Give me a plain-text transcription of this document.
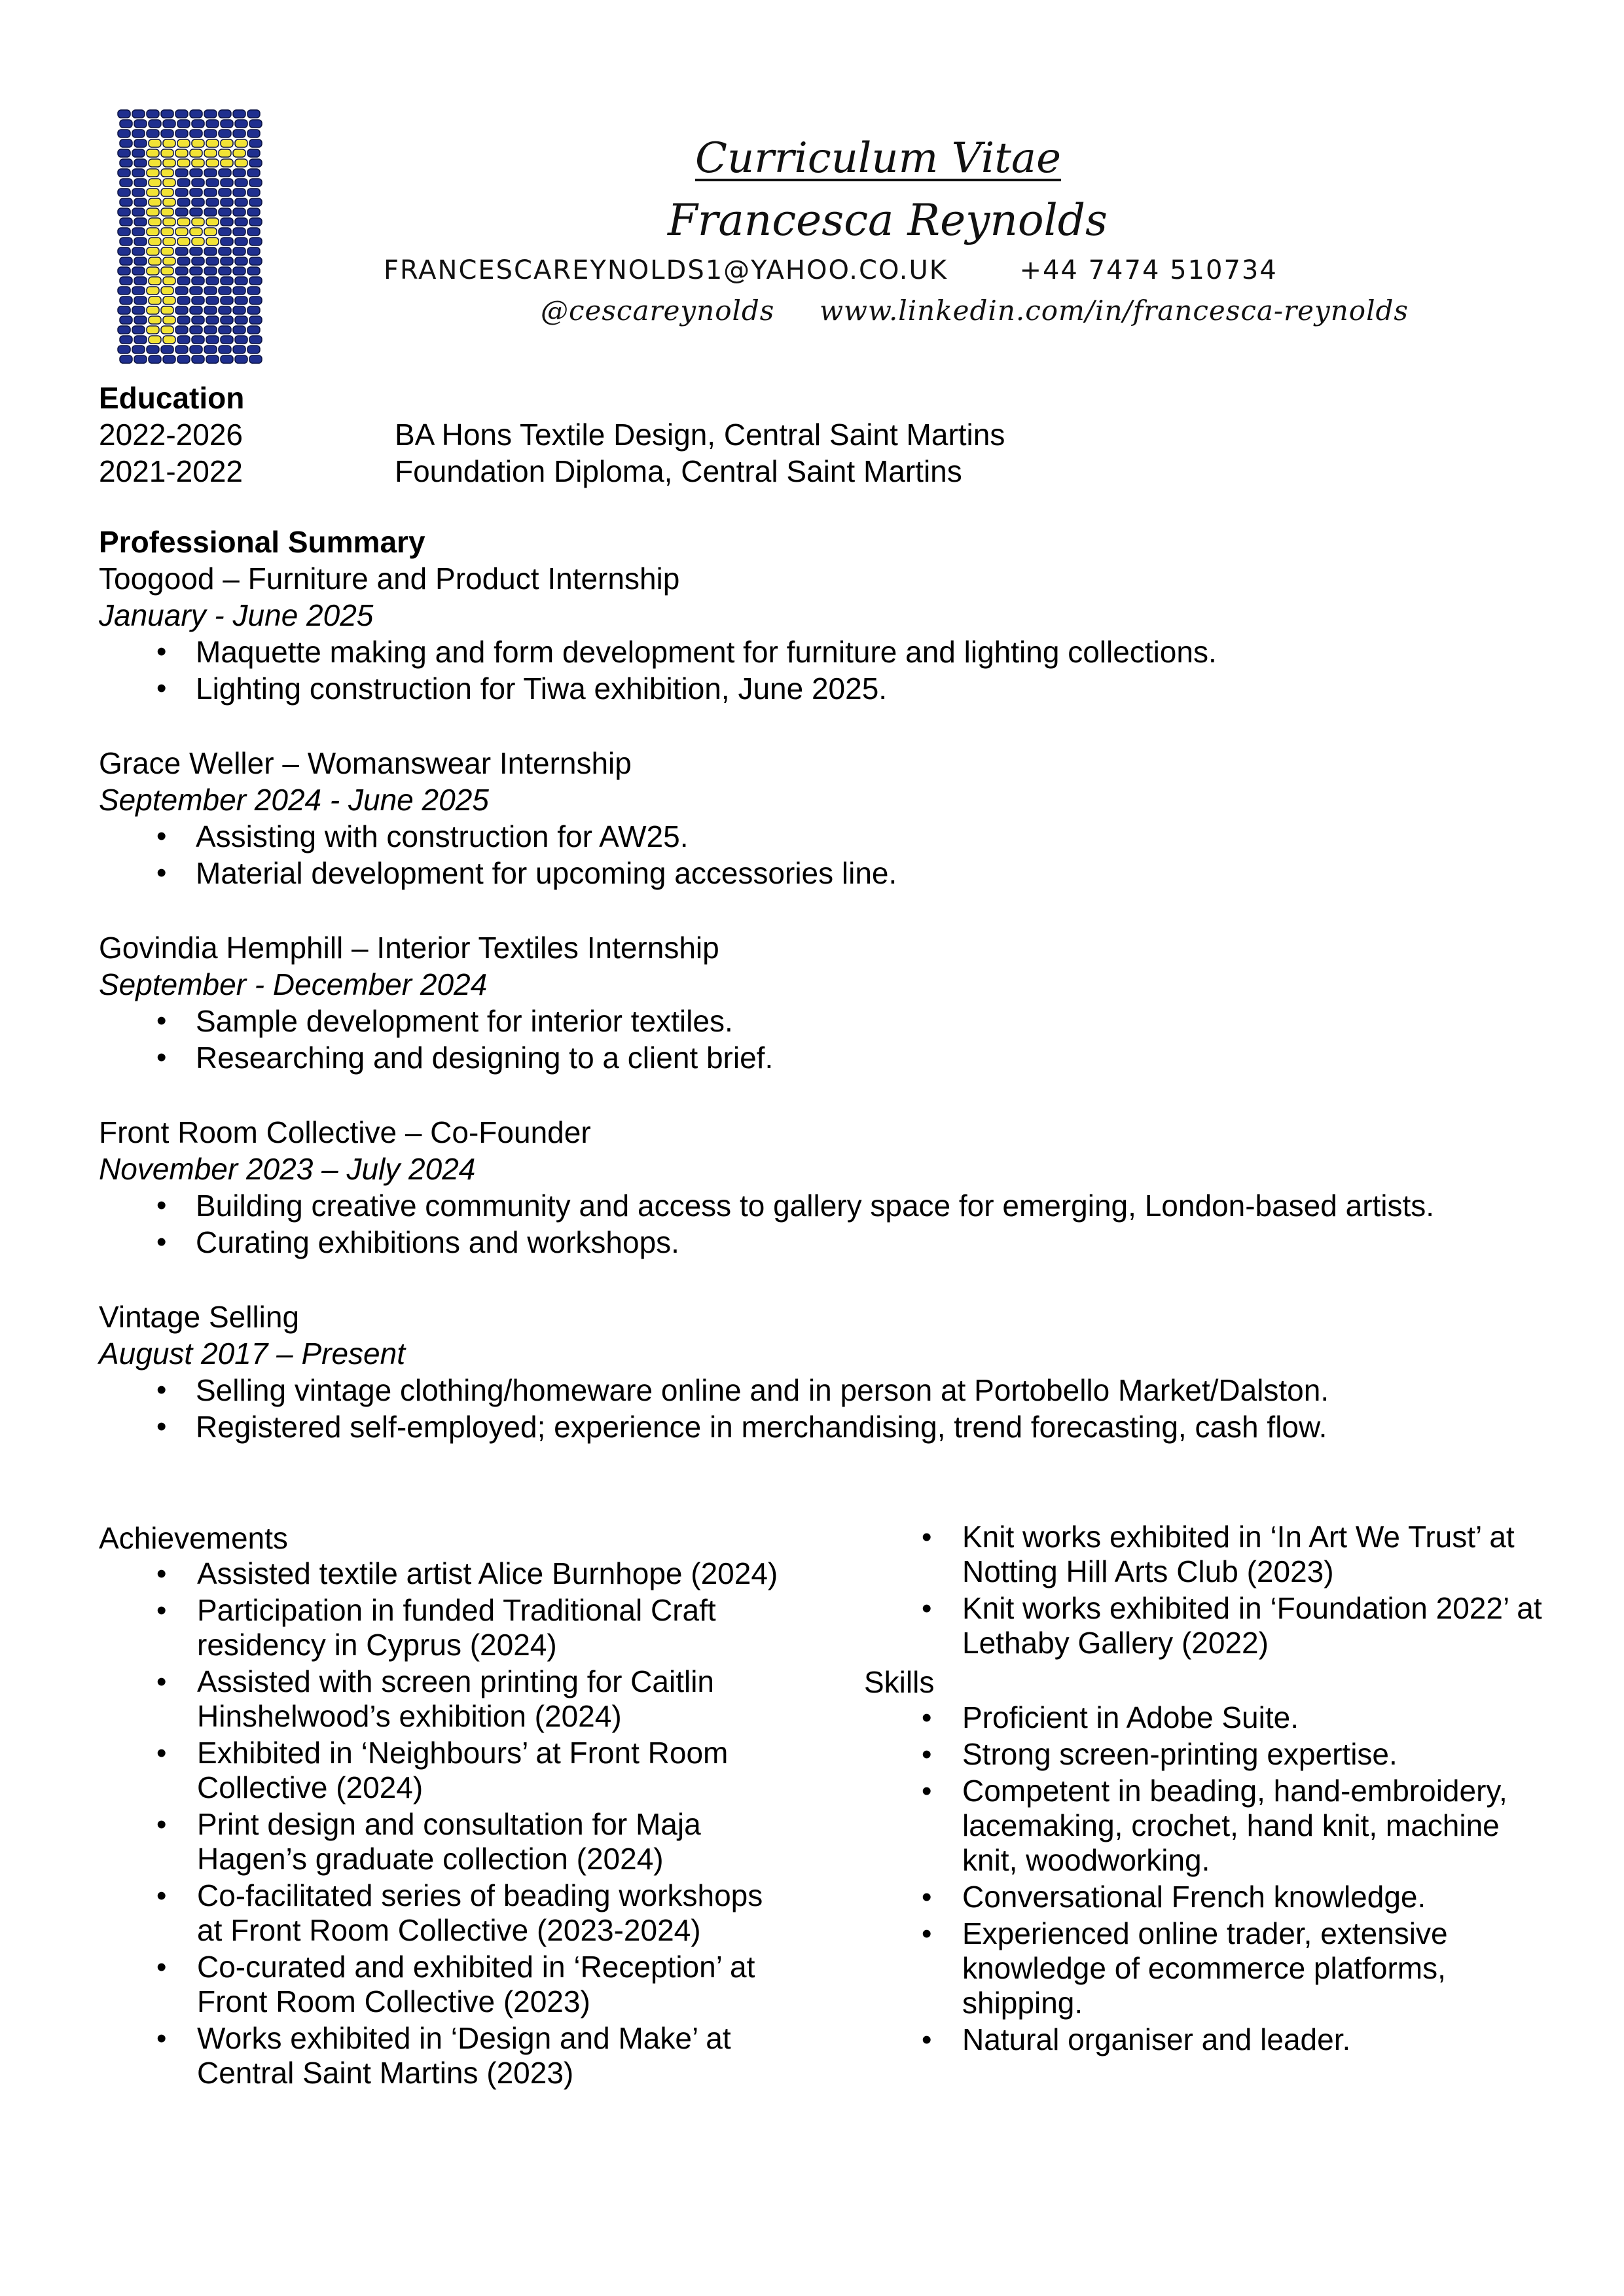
Curriculum Vitae
Francesca Reynolds
FRANCESCAREYNOLDS1@YAHOO.CO.UK	+44 7474 510734
@cescareynolds www.linkedin.com/in/francesca-reynolds
Education
2022-2026	BA Hons Textile Design, Central Saint Martins
2021-2022	Foundation Diploma, Central Saint Martins
Professional Summary
Toogood – Furniture and Product Internship
January - June 2025
• Maquette making and form development for furniture and lighting collections.
• Lighting construction for Tiwa exhibition, June 2025.
Grace Weller – Womanswear Internship
September 2024 - June 2025
• Assisting with construction for AW25.
• Material development for upcoming accessories line.
Govindia Hemphill – Interior Textiles Internship
September - December 2024
• Sample development for interior textiles.
• Researching and designing to a client brief.
Front Room Collective – Co-Founder
November 2023 – July 2024
• Building creative community and access to gallery space for emerging, London-based artists.
• Curating exhibitions and workshops.
Vintage Selling
August 2017 – Present
• Selling vintage clothing/homeware online and in person at Portobello Market/Dalston.
• Registered self-employed; experience in merchandising, trend forecasting, cash flow.
Achievements
• Assisted textile artist Alice Burnhope (2024)
• Participation in funded Traditional Craft residency in Cyprus (2024)
• Assisted with screen printing for Caitlin Hinshelwood’s exhibition (2024)
• Exhibited in ‘Neighbours’ at Front Room Collective (2024)
• Print design and consultation for Maja Hagen’s graduate collection (2024)
• Co-facilitated series of beading workshops at Front Room Collective (2023-2024)
• Co-curated and exhibited in ‘Reception’ at Front Room Collective (2023)
• Works exhibited in ‘Design and Make’ at Central Saint Martins (2023)
• Knit works exhibited in ‘In Art We Trust’ at Notting Hill Arts Club (2023)
• Knit works exhibited in ‘Foundation 2022’ at Lethaby Gallery (2022)
Skills
• Proficient in Adobe Suite.
• Strong screen-printing expertise.
• Competent in beading, hand-embroidery, lacemaking, crochet, hand knit, machine knit, woodworking.
• Conversational French knowledge.
• Experienced online trader, extensive knowledge of ecommerce platforms, shipping.
• Natural organiser and leader.
